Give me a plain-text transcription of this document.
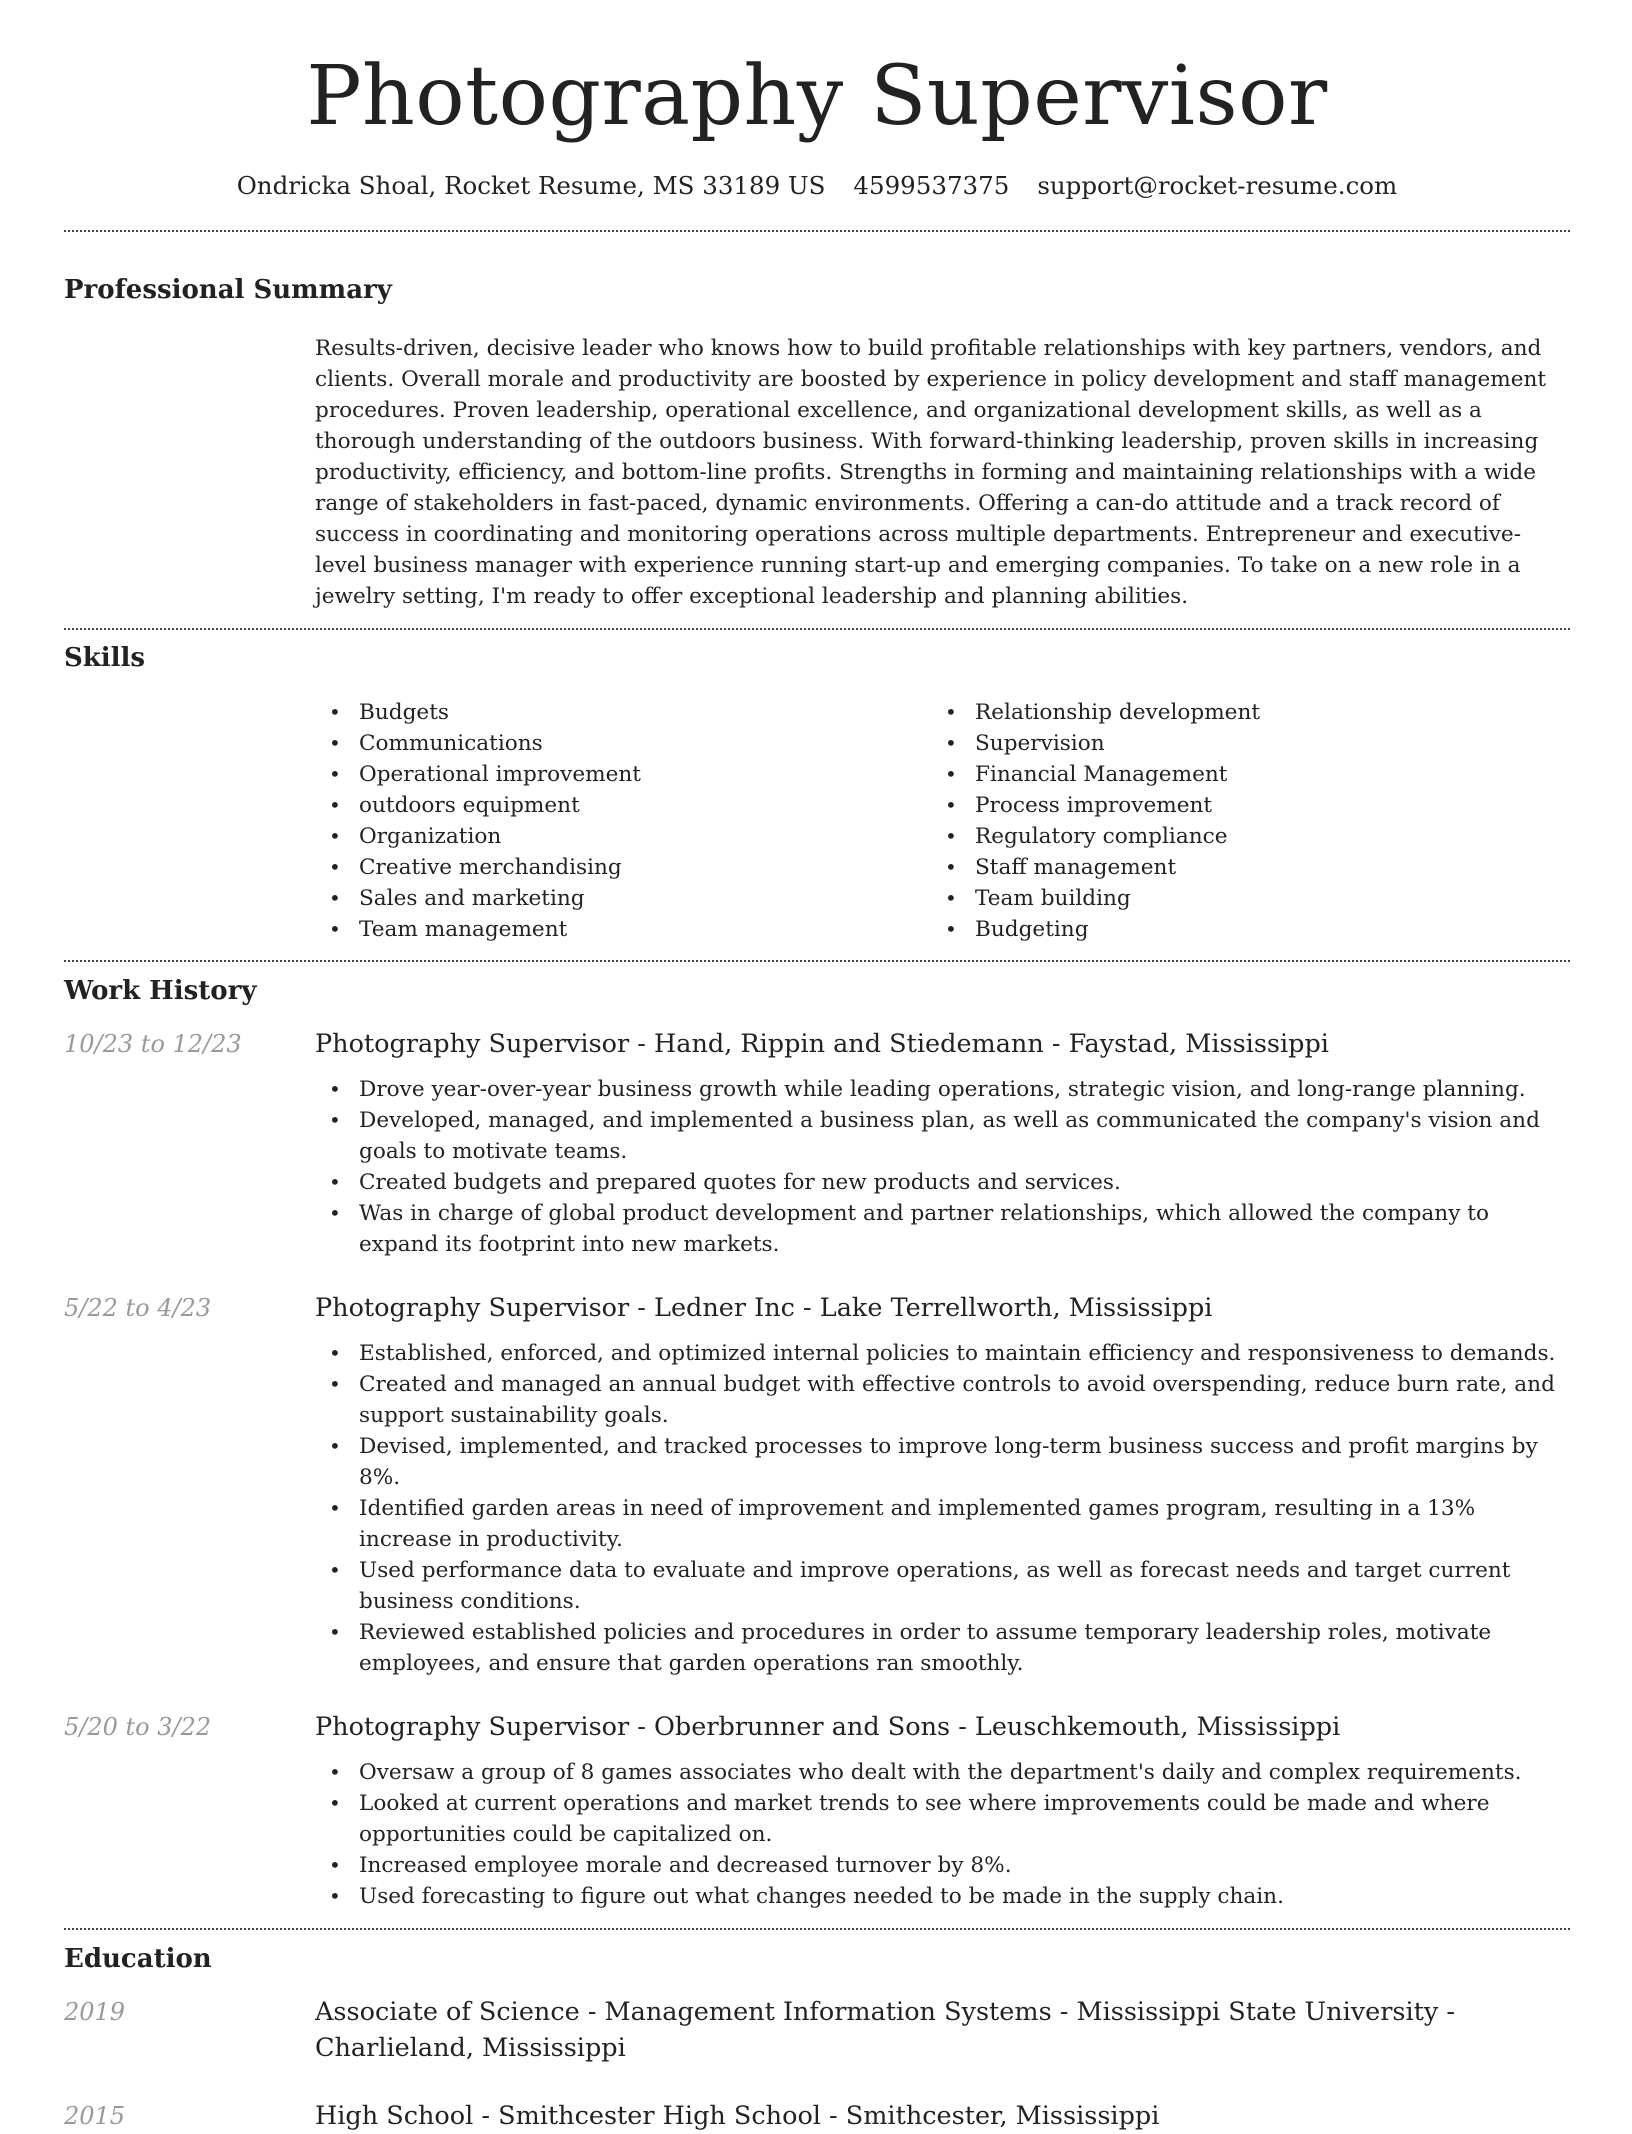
Photography Supervisor
Ondricka Shoal, Rocket Resume, MS 33189 US 4599537375 support@rocket-resume.com
Professional Summary

Results-driven, decisive leader who knows how to build profitable relationships with key partners, vendors, and clients. Overall morale and productivity are boosted by experience in policy development and staff management procedures. Proven leadership, operational excellence, and organizational development skills, as well as a thorough understanding of the outdoors business. With forward-thinking leadership, proven skills in increasing productivity, efficiency, and bottom-line profits. Strengths in forming and maintaining relationships with a wide range of stakeholders in fast-paced, dynamic environments. Offering a can-do attitude and a track record of success in coordinating and monitoring operations across multiple departments. Entrepreneur and executive-level business manager with experience running start-up and emerging companies. To take on a new role in a jewelry setting, I'm ready to offer exceptional leadership and planning abilities.

Skills
• Budgets
• Communications
• Operational improvement
• outdoors equipment
• Organization
• Creative merchandising
• Sales and marketing
• Team management
• Relationship development
• Supervision
• Financial Management
• Process improvement
• Regulatory compliance
• Staff management
• Team building
• Budgeting
Work History
10/23 to 12/23	Photography Supervisor - Hand, Rippin and Stiedemann - Faystad, Mississippi
• Drove year-over-year business growth while leading operations, strategic vision, and long-range planning.
• Developed, managed, and implemented a business plan, as well as communicated the company's vision and goals to motivate teams.
• Created budgets and prepared quotes for new products and services.
• Was in charge of global product development and partner relationships, which allowed the company to expand its footprint into new markets.
5/22 to 4/23	Photography Supervisor - Ledner Inc - Lake Terrellworth, Mississippi
• Established, enforced, and optimized internal policies to maintain efficiency and responsiveness to demands.
• Created and managed an annual budget with effective controls to avoid overspending, reduce burn rate, and support sustainability goals.
• Devised, implemented, and tracked processes to improve long-term business success and profit margins by 8%.
• Identified garden areas in need of improvement and implemented games program, resulting in a 13% increase in productivity.
• Used performance data to evaluate and improve operations, as well as forecast needs and target current business conditions.
• Reviewed established policies and procedures in order to assume temporary leadership roles, motivate employees, and ensure that garden operations ran smoothly.
5/20 to 3/22	Photography Supervisor - Oberbrunner and Sons - Leuschkemouth, Mississippi
• Oversaw a group of 8 games associates who dealt with the department's daily and complex requirements.
• Looked at current operations and market trends to see where improvements could be made and where opportunities could be capitalized on.
• Increased employee morale and decreased turnover by 8%.
• Used forecasting to figure out what changes needed to be made in the supply chain.
Education
2019	Associate of Science - Management Information Systems - Mississippi State University - Charlieland, Mississippi
2015	High School - Smithcester High School - Smithcester, Mississippi
